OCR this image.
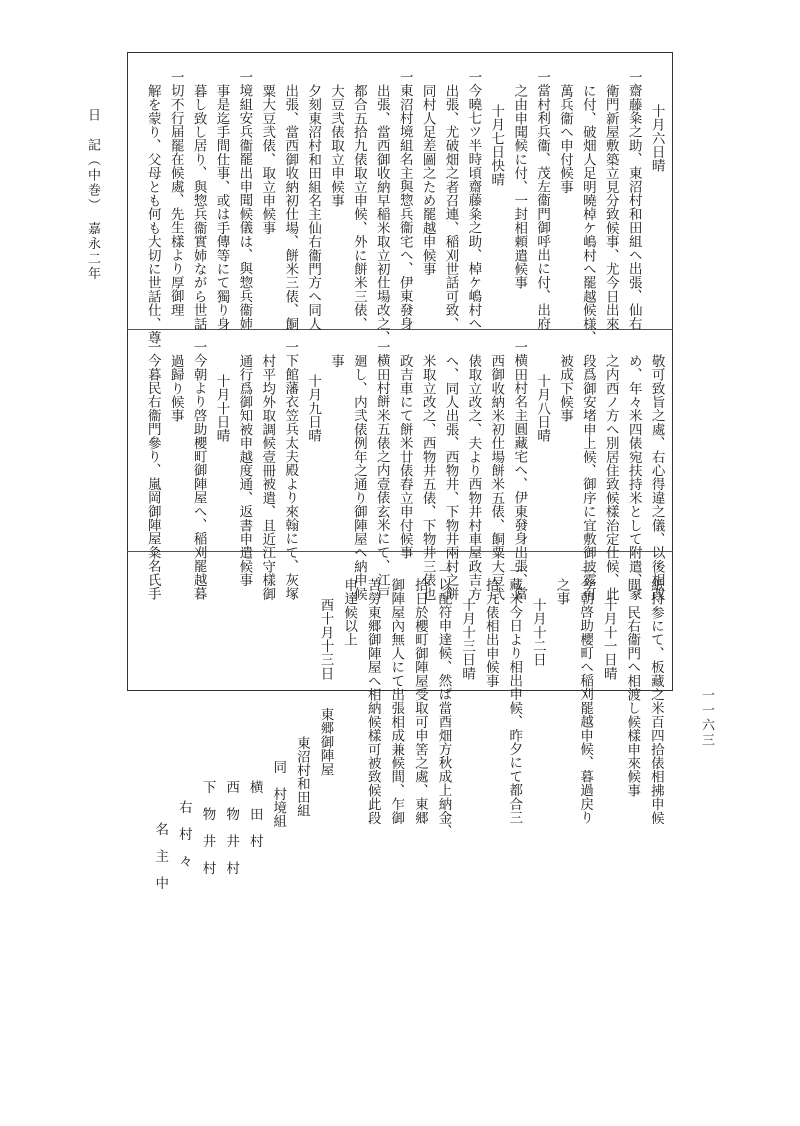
日　記（中巻）　嘉永二年
一一六三
十月六日晴
一齋藤粂之助、東沼村和田組へ出張、仙右
衛門新屋敷築立見分致候事、尤今日出來
に付、破畑人足明曉棹ケ嶋村へ罷越候様、
萬兵衞へ申付候事
一當村利兵衞、茂左衞門御呼出に付、出府
之由申聞候に付、一封相頼遣候事
十月七日快晴
一今曉七ツ半時頃齋藤粂之助、棹ケ嶋村へ
出張、尤破畑之者召連、稲刈世話可致、
同村人足差圖之ため罷越申候事
一東沼村境組名主與惣兵衞宅へ、伊東發身
出張、當西御收納早稲米取立初仕場改之、
都合五拾九俵取立申候、外に餅米三俵、
大豆弐俵取立申候事
夕刻東沼村和田組名主仙右衞門方へ同人
出張、當西御收納初仕場、餅米三俵、餇
粟大豆弐俵、取立申候事
一境組安兵衞罷出申聞候儀は、與惣兵衞姉
事是迄手間仕事、或は手傳等にて獨り身
暮し致し居り、與惣兵衞實姉ながら世話
一切不行届罷在候處、先生樣より厚御理
解を蒙り、父母とも何も大切に世話仕、尊
敬可致旨之處、右心得違之儀、以後相改
め、年々米四俵宛扶持米として附遣、家
之内西ノ方へ別居住致候樣治定仕候、此
段爲御安堵申上候、御序に宜敷御披露可
被成下候事
十月八日晴
一横田村名主圓藏宅へ、伊東發身出張、當
西御收納米初仕場餅米五俵、餇粟大豆弐
俵取立改之、夫より西物井村車屋政吉方
へ、同人出張、西物井、下物井兩村之餅
米取立改之、西物井五俵、下物井三俵也
政吉車にて餅米廿俵舂立申付候事
一横田村餅米五俵之内壹俵玄米にて、江戸
廻し、内弐俵例年之通り御陣屋へ納申候
事
十月九日晴
一下館藩衣笠兵太夫殿より來翰にて、灰塚
村平均外取調候壹冊被遣、且近江守樣御
通行爲御知被申越度通、返書申遣候事
十月十日晴
一今朝より啓助櫻町御陣屋へ、稲刈罷越暮
過歸り候事
一今暮民右衞門參り、嵐岡御陣屋粂名氏手
紙持参にて、板藏之米百四拾俵相拂申候
間、民右衞門へ相渡し候樣申來候事
十月十一日晴
一今朝啓助櫻町へ稲刈罷越申候、暮過戻り
之事
十月十二日
一藏米今日より相出申候、昨夕にて都合三
拾九俵相出申候事
十月十三日晴
一以配符申達候、然ば當酉畑方秋成上納金、
拾日於櫻町御陣屋受取可申筈之處、東郷
御陣屋內無人にて出張相成兼候間、乍御
苦勞東郷御陣屋へ相納候樣可被致候此段
申達候以上
酉十月十三日　　東郷御陣屋
東沼村和田組
同　村境組
横　田　村
西　物　井　村
下　物　井　村
右　村　々
名　主　中
